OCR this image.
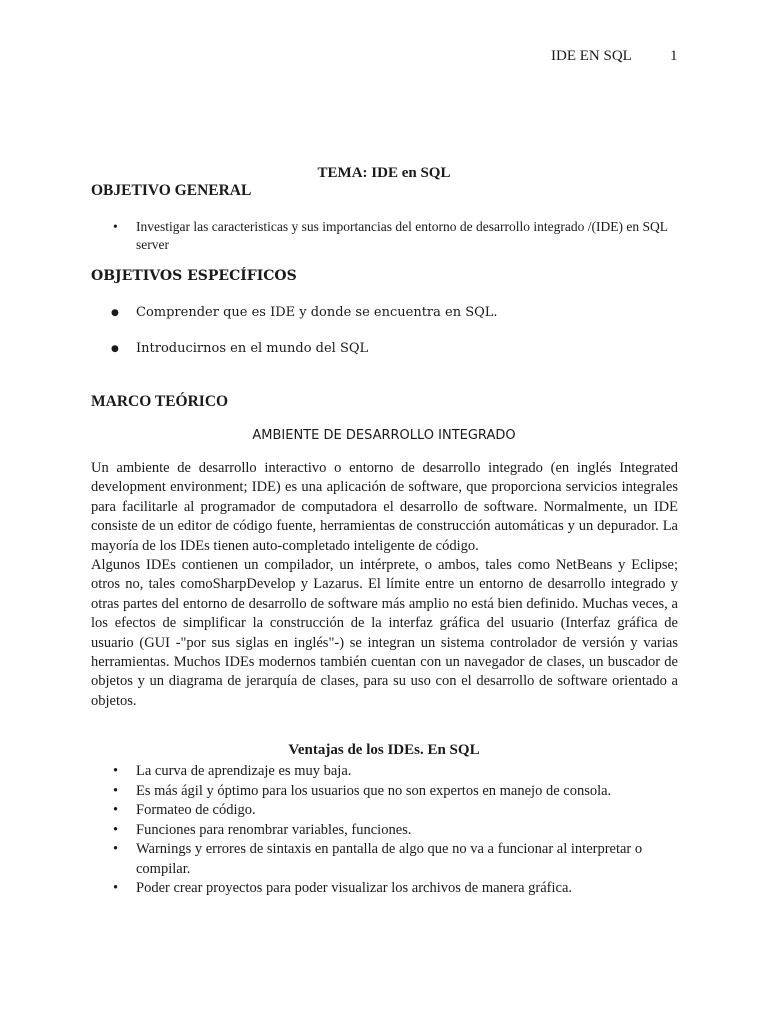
IDE EN SQL	1
TEMA: IDE en SQL
OBJETIVO GENERAL
• Investigar las caracteristicas y sus importancias del entorno de desarrollo integrado /(IDE) en SQL server
OBJETIVOS ESPECÍFICOS
● Comprender que es IDE y donde se encuentra en SQL.
● Introducirnos en el mundo del SQL
MARCO TEÓRICO
AMBIENTE DE DESARROLLO INTEGRADO

Un ambiente de desarrollo interactivo o entorno de desarrollo integrado (en inglés Integrated development environment; IDE) es una aplicación de software, que proporciona servicios integrales para facilitarle al programador de computadora el desarrollo de software. Normalmente, un IDE consiste de un editor de código fuente, herramientas de construcción automáticas y un depurador. La mayoría de los IDEs tienen auto-completado inteligente de código.

Algunos IDEs contienen un compilador, un intérprete, o ambos, tales como NetBeans y Eclipse; otros no, tales comoSharpDevelop y Lazarus. El límite entre un entorno de desarrollo integrado y otras partes del entorno de desarrollo de software más amplio no está bien definido. Muchas veces, a los efectos de simplificar la construcción de la interfaz gráfica del usuario (Interfaz gráfica de usuario (GUI -"por sus siglas en inglés"-) se integran un sistema controlador de versión y varias herramientas. Muchos IDEs modernos también cuentan con un navegador de clases, un buscador de objetos y un diagrama de jerarquía de clases, para su uso con el desarrollo de software orientado a objetos.

Ventajas de los IDEs. En SQL
• La curva de aprendizaje es muy baja.
• Es más ágil y óptimo para los usuarios que no son expertos en manejo de consola.
• Formateo de código.
• Funciones para renombrar variables, funciones.
• Warnings y errores de sintaxis en pantalla de algo que no va a funcionar al interpretar o compilar.
• Poder crear proyectos para poder visualizar los archivos de manera gráfica.
